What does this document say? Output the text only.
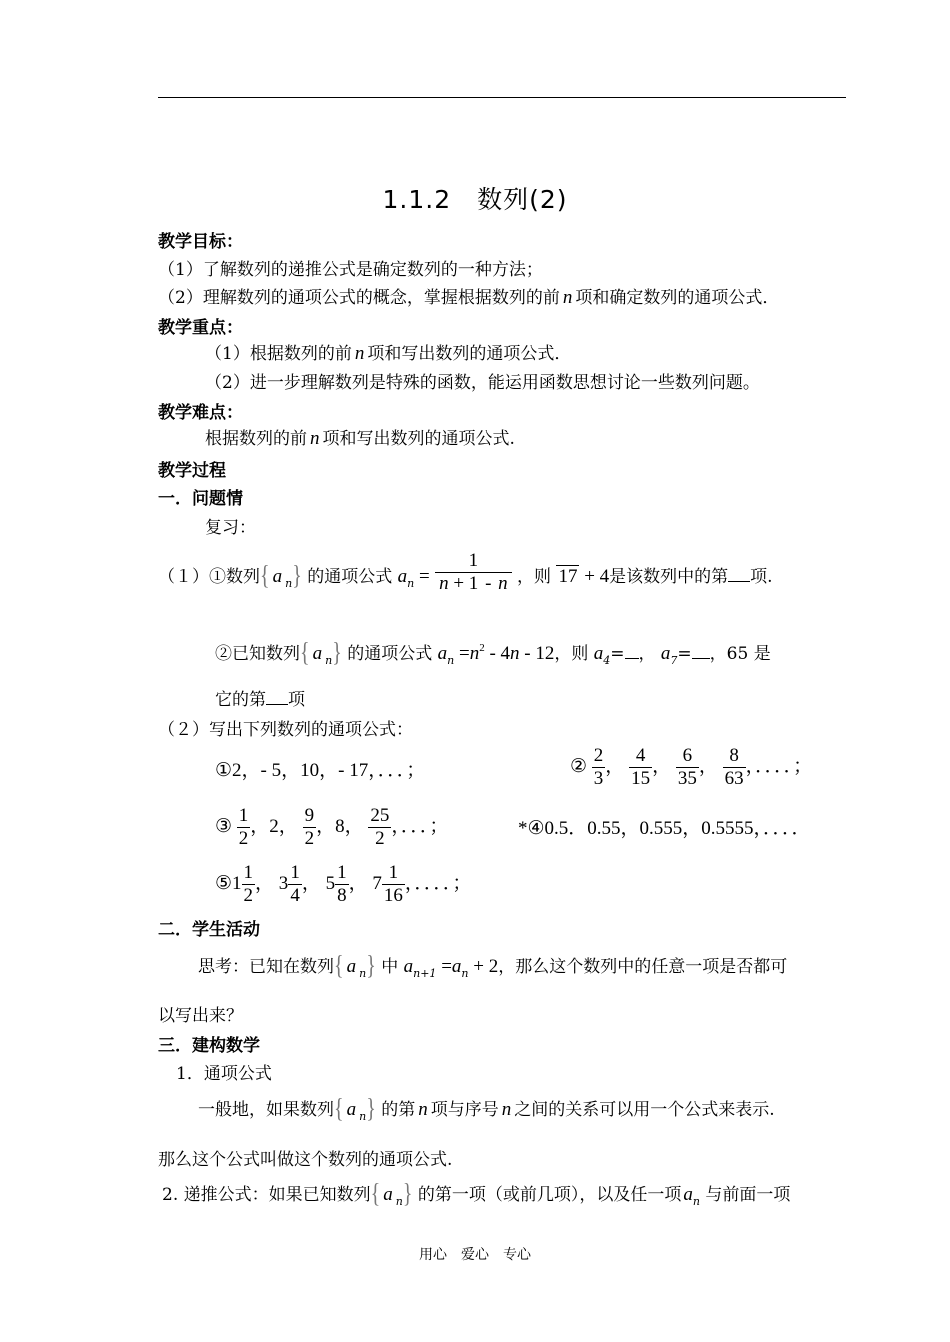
1.1.2　数列(2)
教学目标：
（1）了解数列的递推公式是确定数列的一种方法；
（2）理解数列的通项公式的概念，掌握根据数列的前 n 项和确定数列的通项公式．
教学重点：
（1）根据数列的前 n 项和写出数列的通项公式．
（2）进一步理解数列是特殊的函数，能运用函数思想讨论一些数列问题。
教学难点：
根据数列的前 n 项和写出数列的通项公式.
教学过程
一．问题情
复习：
（１）①数列{ a $_n$} 的通项公式 $a_n = \frac{1}{n + 1 - n}$ ，则 17 + 4是该数列中的第 项.
②已知数列{ a $_n$} 的通项公式 $a_n =n^2 - 4n - 12$，则 $a_4=$ ， $a_7=$ ，65 是
它的第 项
（２）写出下列数列的通项公式：
①2，- 5，10，- 17，．．．；	② $\frac{2}{3}$ ， $\frac{4}{15}$ ， $\frac{6}{35}$ ， $\frac{8}{63}$ ，．．．．；
③ $\frac{1}{2}$ ，2， $\frac{9}{2}$ ，8， $\frac{25}{2}$ ，．．．；	*④0.5．0.55，0.555，0.5555，．．．．
⑤1 $\frac{1}{2}$ ， $3 \frac{1}{4}$ ， $5 \frac{1}{8}$ ， $7 \frac{1}{16}$ ，．．．．；
二．学生活动
思考：已知在数列{ a $_n$} 中 $a_{n+1} =a_n + 2$，那么这个数列中的任意一项是否都可
以写出来？
三．建构数学
1．通项公式
一般地，如果数列{ a $_n$} 的第 n 项与序号 n 之间的关系可以用一个公式来表示.
那么这个公式叫做这个数列的通项公式.
2. 递推公式：如果已知数列{ a $_n$} 的第一项（或前几项），以及任一项 $a_n$ 与前面一项
用心　爱心　专心
